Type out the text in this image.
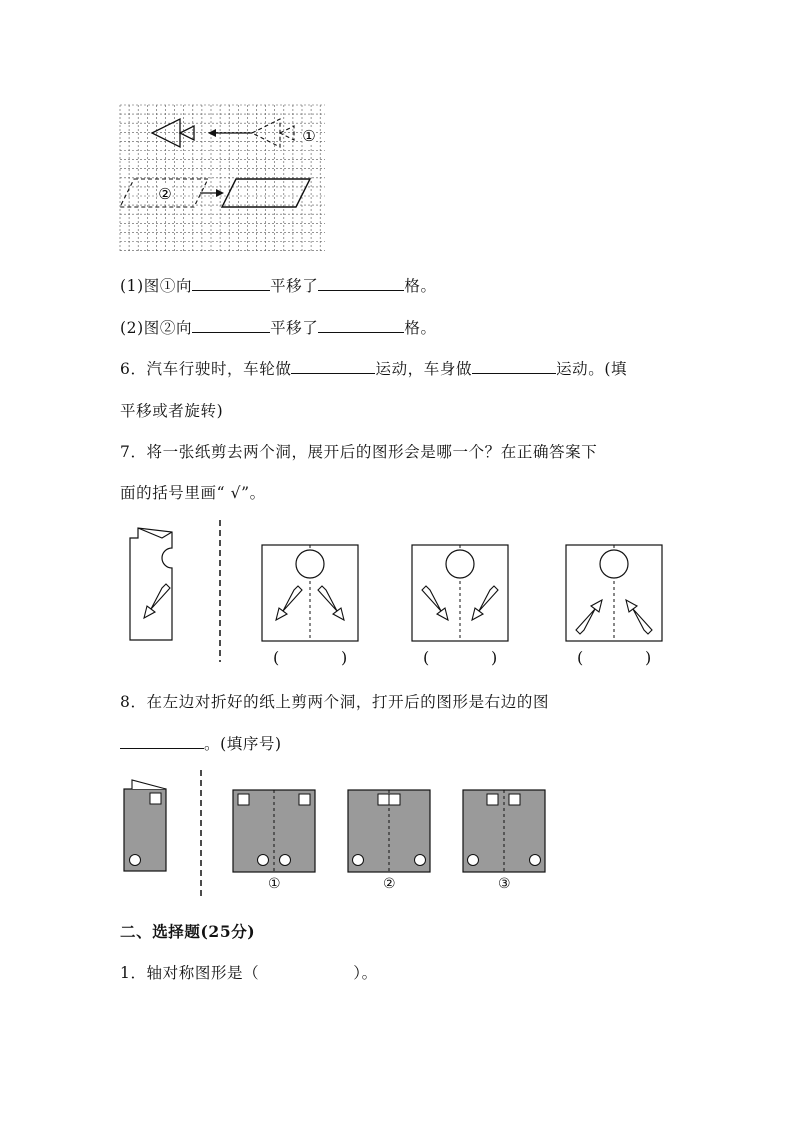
①
②
(1)图①向	平移了	格。
(2)图②向	平移了	格。
6．汽车行驶时，车轮做	运动，车身做	运动。(填
平移或者旋转)
7．将一张纸剪去两个洞，展开后的图形会是哪一个？在正确答案下
面的括号里画“ √”。
(	)	(	)	(	)
8．在左边对折好的纸上剪两个洞，打开后的图形是右边的图
。(填序号)
①	②	③
二、选择题(25分)
1．轴对称图形是（	）。
